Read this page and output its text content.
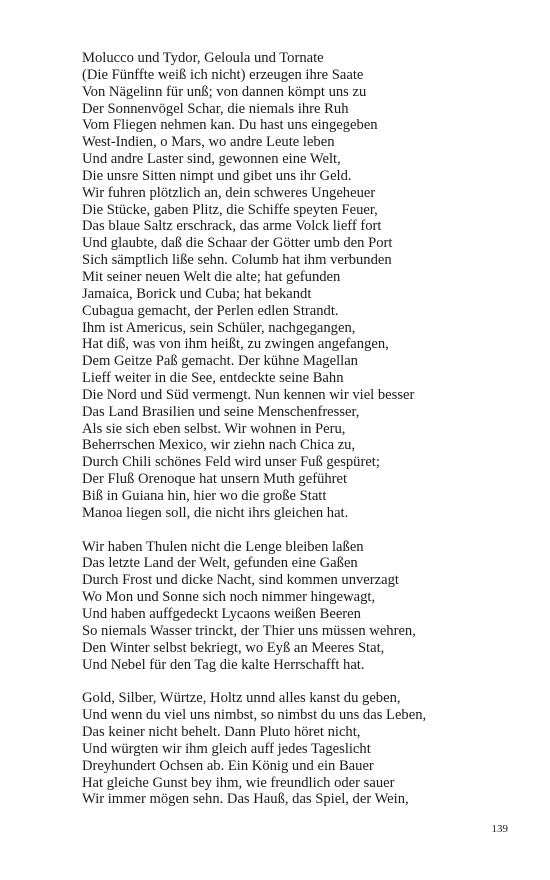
Molucco und Tydor, Geloula und Tornate
(Die Fünffte weiß ich nicht) erzeugen ihre Saate
Von Nägelinn für unß; von dannen kömpt uns zu
Der Sonnenvögel Schar, die niemals ihre Ruh
Vom Fliegen nehmen kan. Du hast uns eingegeben
West-Indien, o Mars, wo andre Leute leben
Und andre Laster sind, gewonnen eine Welt,
Die unsre Sitten nimpt und gibet uns ihr Geld.
Wir fuhren plötzlich an, dein schweres Ungeheuer
Die Stücke, gaben Plitz, die Schiffe speyten Feuer,
Das blaue Saltz erschrack, das arme Volck lieff fort
Und glaubte, daß die Schaar der Götter umb den Port
Sich sämptlich liße sehn. Columb hat ihm verbunden
Mit seiner neuen Welt die alte; hat gefunden
Jamaica, Borick und Cuba; hat bekandt
Cubagua gemacht, der Perlen edlen Strandt.
Ihm ist Americus, sein Schüler, nachgegangen,
Hat diß, was von ihm heißt, zu zwingen angefangen,
Dem Geitze Paß gemacht. Der kühne Magellan
Lieff weiter in die See, entdeckte seine Bahn
Die Nord und Süd vermengt. Nun kennen wir viel besser
Das Land Brasilien und seine Menschenfresser,
Als sie sich eben selbst. Wir wohnen in Peru,
Beherrschen Mexico, wir ziehn nach Chica zu,
Durch Chili schönes Feld wird unser Fuß gespüret;
Der Fluß Orenoque hat unsern Muth geführet
Biß in Guiana hin, hier wo die große Statt
Manoa liegen soll, die nicht ihrs gleichen hat.
Wir haben Thulen nicht die Lenge bleiben laßen
Das letzte Land der Welt, gefunden eine Gaßen
Durch Frost und dicke Nacht, sind kommen unverzagt
Wo Mon und Sonne sich noch nimmer hingewagt,
Und haben auffgedeckt Lycaons weißen Beeren
So niemals Wasser trinckt, der Thier uns müssen wehren,
Den Winter selbst bekriegt, wo Eyß an Meeres Stat,
Und Nebel für den Tag die kalte Herrschafft hat.
Gold, Silber, Würtze, Holtz unnd alles kanst du geben,
Und wenn du viel uns nimbst, so nimbst du uns das Leben,
Das keiner nicht behelt. Dann Pluto höret nicht,
Und würgten wir ihm gleich auff jedes Tageslicht
Dreyhundert Ochsen ab. Ein König und ein Bauer
Hat gleiche Gunst bey ihm, wie freundlich oder sauer
Wir immer mögen sehn. Das Hauß, das Spiel, der Wein,
139
